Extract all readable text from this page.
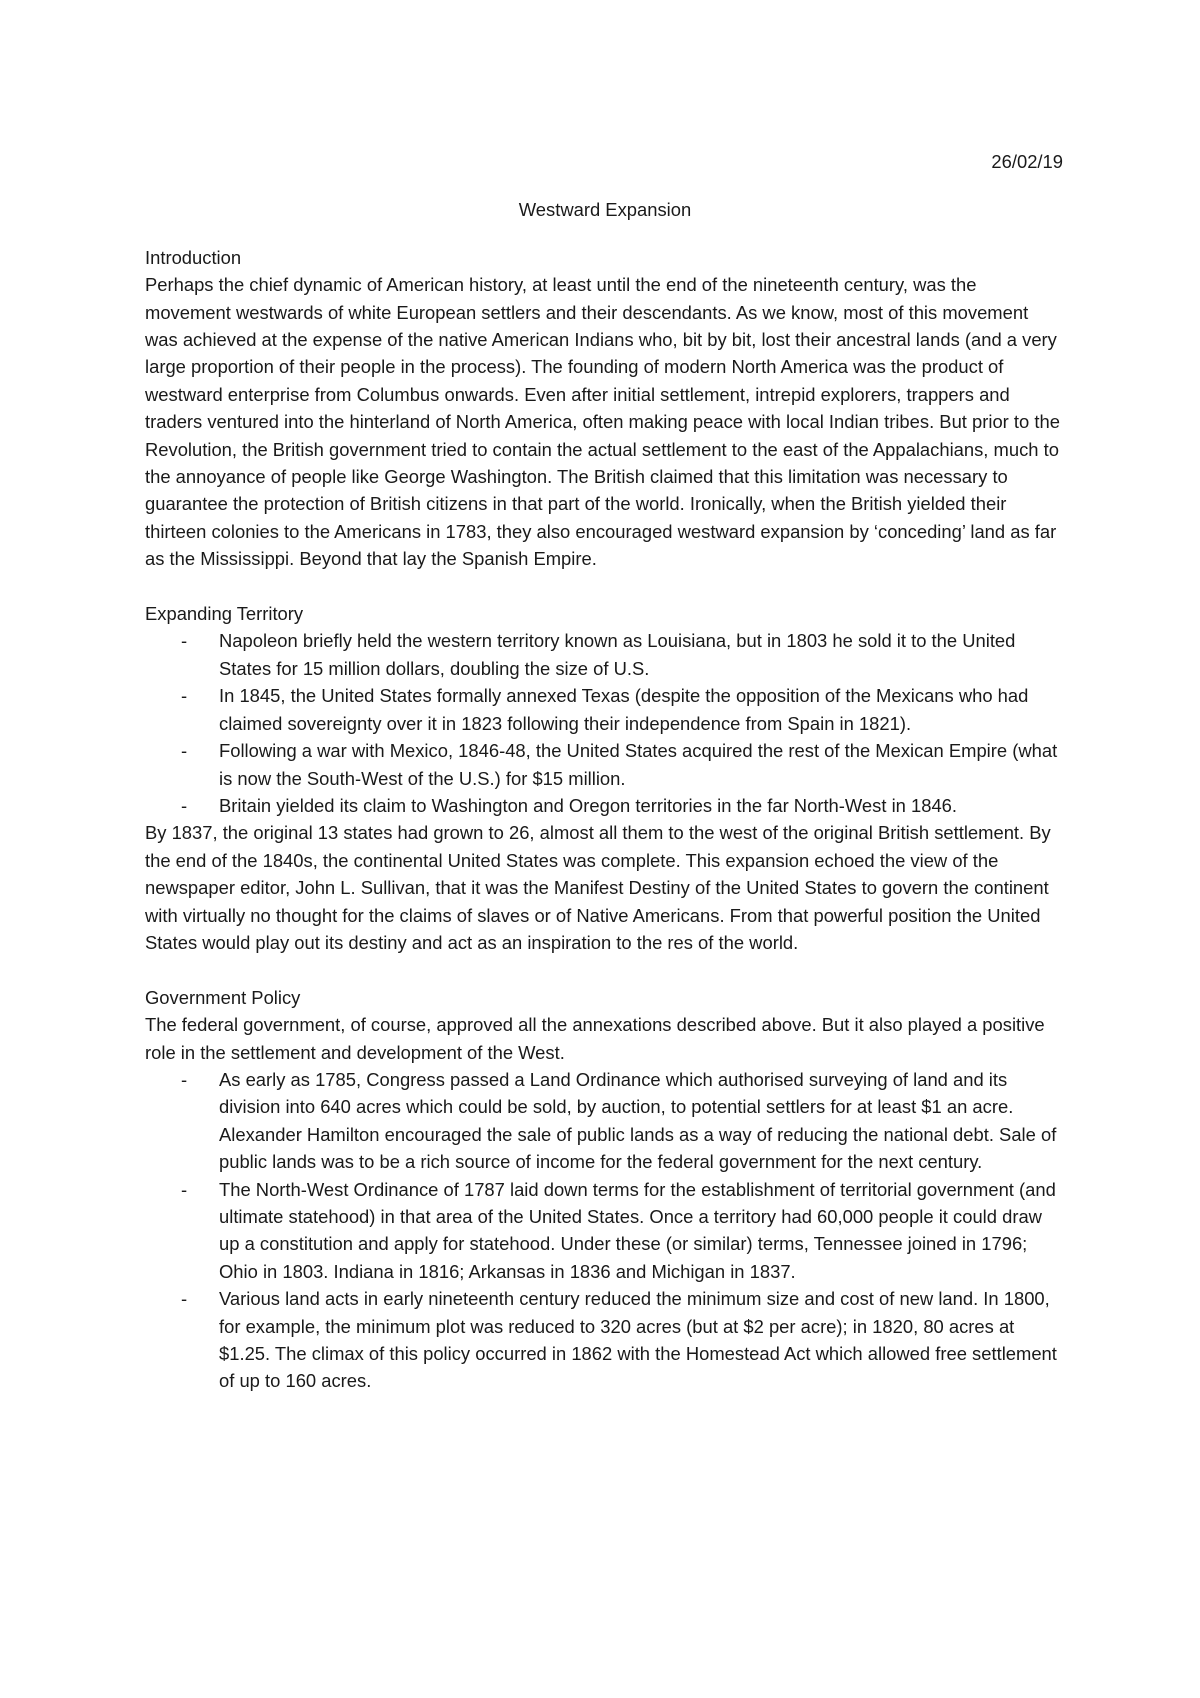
26/02/19

Westward Expansion
Introduction

Perhaps the chief dynamic of American history, at least until the end of the nineteenth century, was the movement westwards of white European settlers and their descendants. As we know, most of this movement was achieved at the expense of the native American Indians who, bit by bit, lost their ancestral lands (and a very large proportion of their people in the process). The founding of modern North America was the product of westward enterprise from Columbus onwards. Even after initial settlement, intrepid explorers, trappers and traders ventured into the hinterland of North America, often making peace with local Indian tribes. But prior to the Revolution, the British government tried to contain the actual settlement to the east of the Appalachians, much to the annoyance of people like George Washington. The British claimed that this limitation was necessary to guarantee the protection of British citizens in that part of the world. Ironically, when the British yielded their thirteen colonies to the Americans in 1783, they also encouraged westward expansion by ‘conceding’ land as far as the Mississippi. Beyond that lay the Spanish Empire.

Expanding Territory
- Napoleon briefly held the western territory known as Louisiana, but in 1803 he sold it to the United States for 15 million dollars, doubling the size of U.S.
- In 1845, the United States formally annexed Texas (despite the opposition of the Mexicans who had claimed sovereignty over it in 1823 following their independence from Spain in 1821).
- Following a war with Mexico, 1846-48, the United States acquired the rest of the Mexican Empire (what is now the South-West of the U.S.) for $15 million.
- Britain yielded its claim to Washington and Oregon territories in the far North-West in 1846.

By 1837, the original 13 states had grown to 26, almost all them to the west of the original British settlement. By the end of the 1840s, the continental United States was complete. This expansion echoed the view of the newspaper editor, John L. Sullivan, that it was the Manifest Destiny of the United States to govern the continent with virtually no thought for the claims of slaves or of Native Americans. From that powerful position the United States would play out its destiny and act as an inspiration to the res of the world.

Government Policy

The federal government, of course, approved all the annexations described above. But it also played a positive role in the settlement and development of the West.

- As early as 1785, Congress passed a Land Ordinance which authorised surveying of land and its division into 640 acres which could be sold, by auction, to potential settlers for at least $1 an acre. Alexander Hamilton encouraged the sale of public lands as a way of reducing the national debt. Sale of public lands was to be a rich source of income for the federal government for the next century.
- The North-West Ordinance of 1787 laid down terms for the establishment of territorial government (and ultimate statehood) in that area of the United States. Once a territory had 60,000 people it could draw up a constitution and apply for statehood. Under these (or similar) terms, Tennessee joined in 1796; Ohio in 1803. Indiana in 1816; Arkansas in 1836 and Michigan in 1837.
- Various land acts in early nineteenth century reduced the minimum size and cost of new land. In 1800, for example, the minimum plot was reduced to 320 acres (but at $2 per acre); in 1820, 80 acres at $1.25. The climax of this policy occurred in 1862 with the Homestead Act which allowed free settlement of up to 160 acres.
